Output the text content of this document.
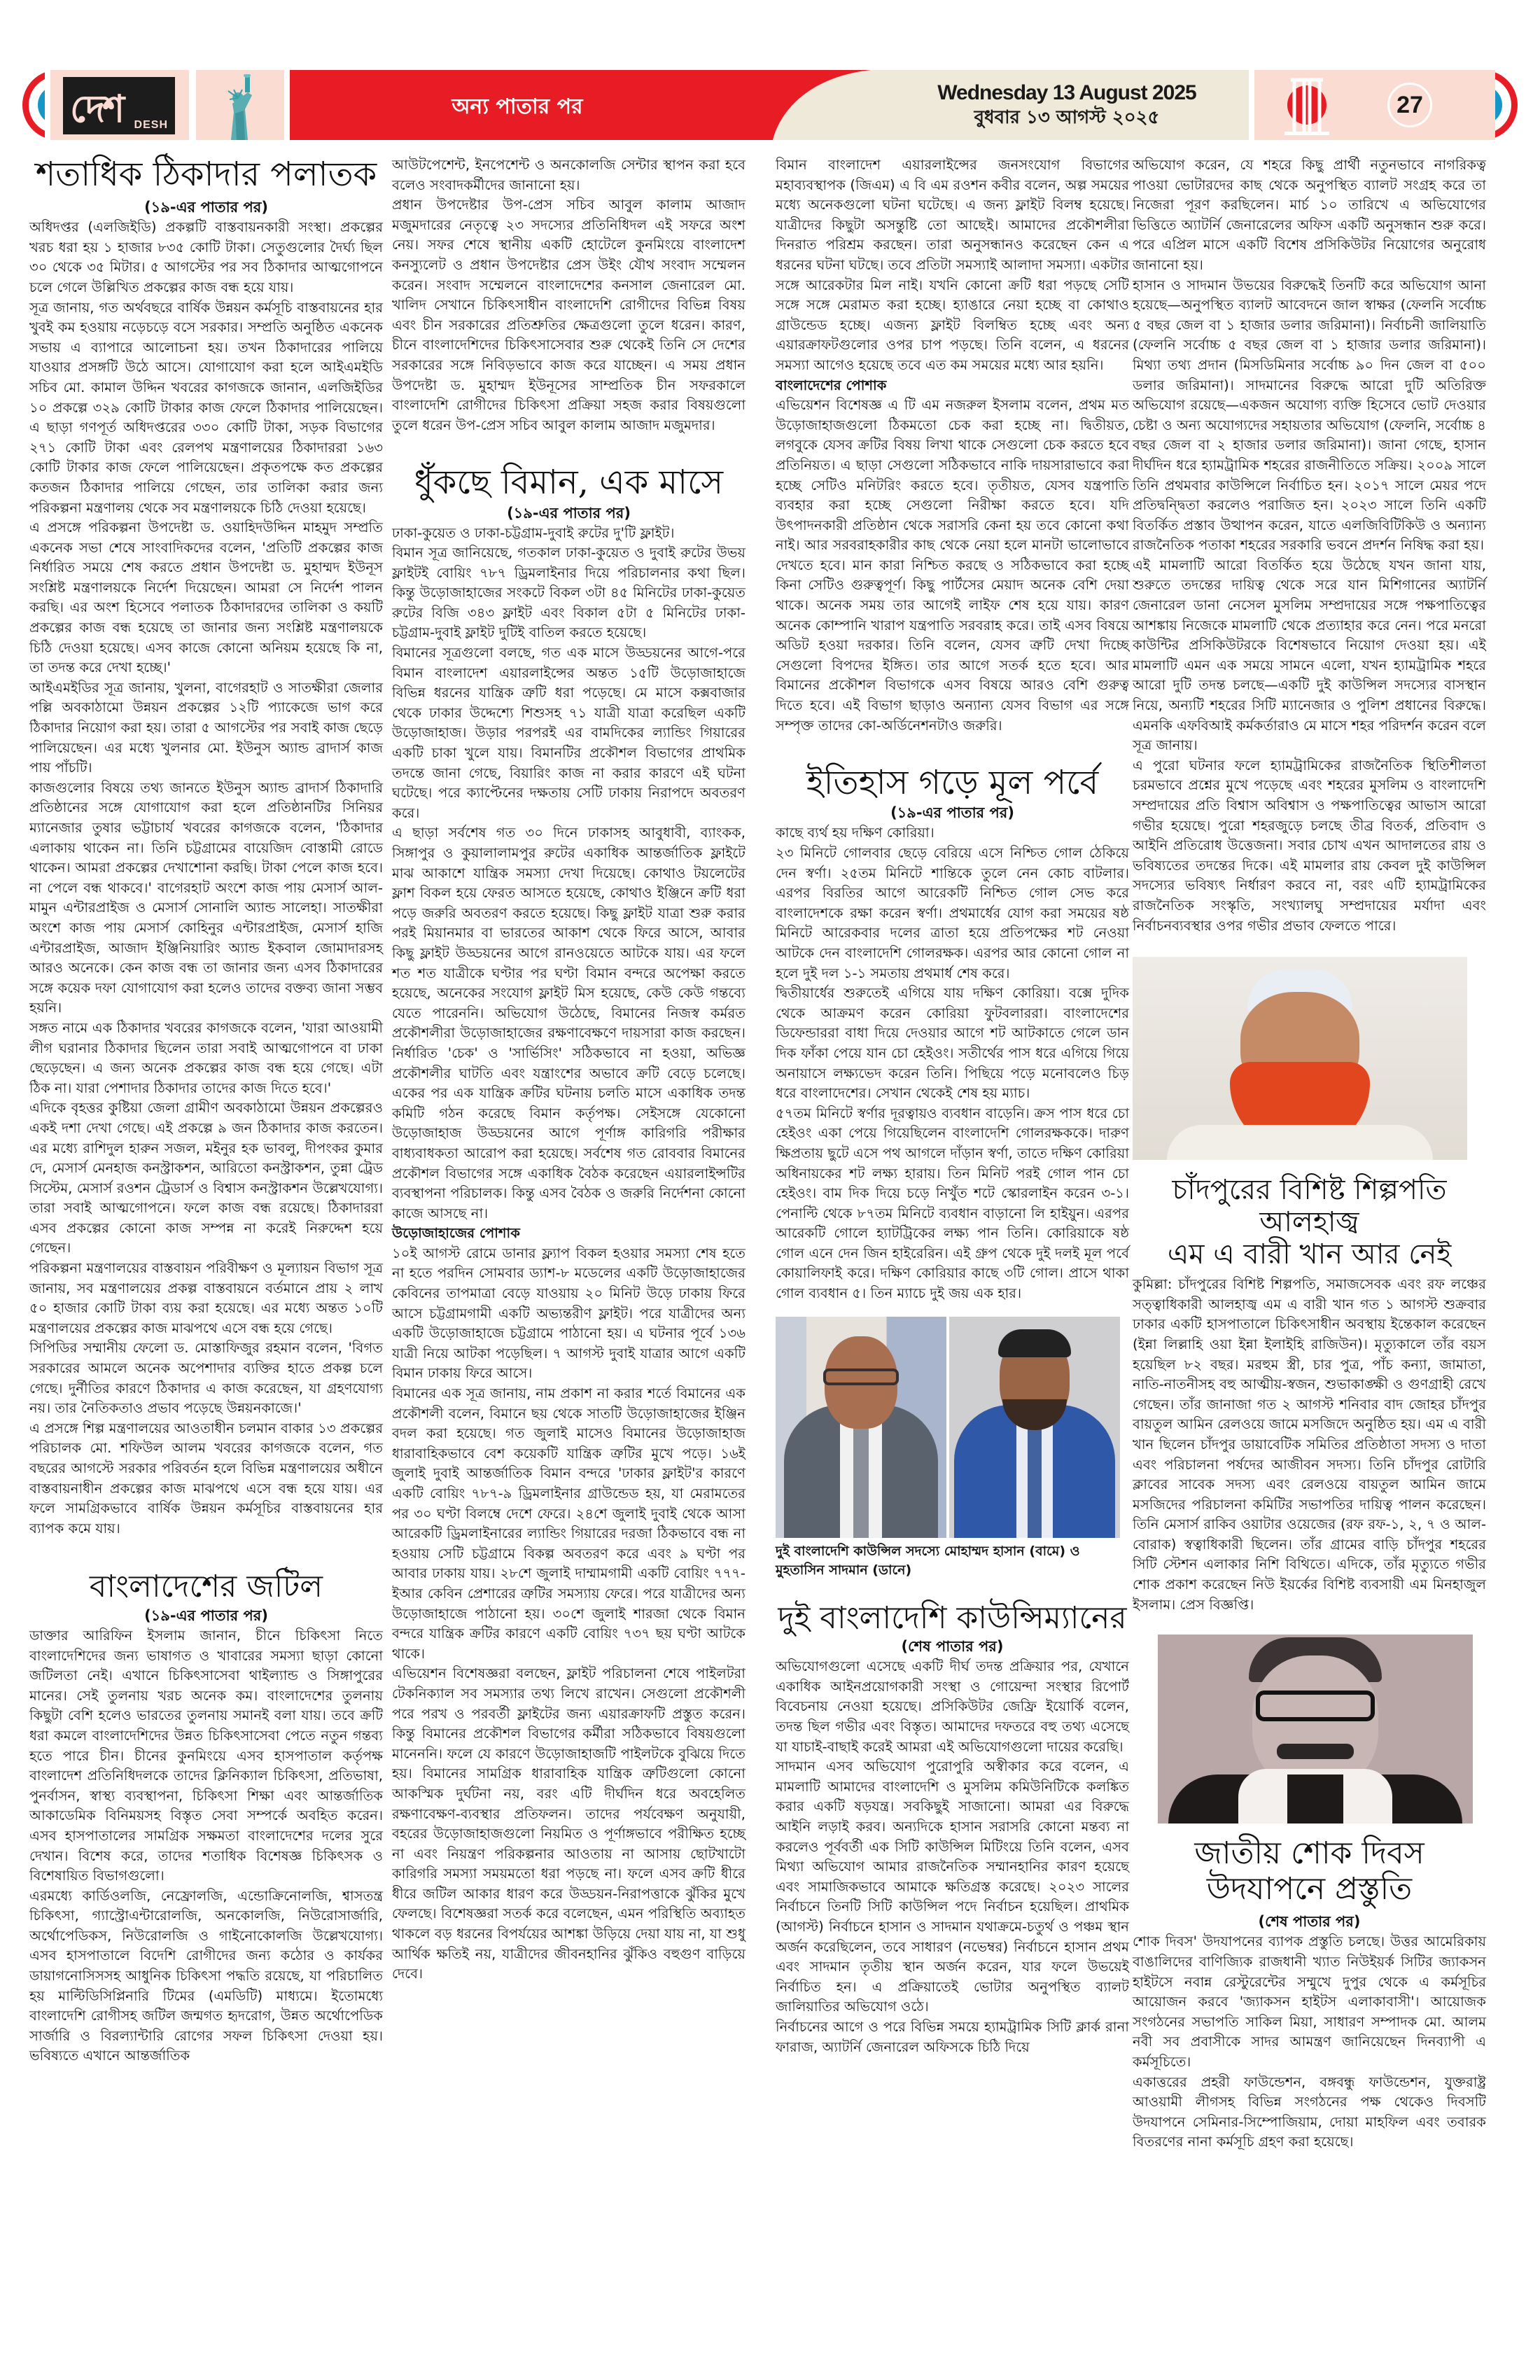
দেশ DESH
অন্য পাতার পর
Wednesday 13 August 2025
বুধবার ১৩ আগস্ট ২০২৫	27
শতাধিক ঠিকাদার পলাতক
(১৯-এর পাতার পর)

অধিদপ্তর (এলজিইডি) প্রকল্পটি বাস্তবায়নকারী সংস্থা। প্রকল্পের খরচ ধরা হয় ১ হাজার ৮৩৫ কোটি টাকা। সেতুগুলোর দৈর্ঘ্য ছিল ৩০ থেকে ৩৫ মিটার। ৫ আগস্টের পর সব ঠিকাদার আত্মগোপনে চলে গেলে উল্লিখিত প্রকল্পের কাজ বন্ধ হয়ে যায়।

সূত্র জানায়, গত অর্থবছরে বার্ষিক উন্নয়ন কর্মসূচি বাস্তবায়নের হার খুবই কম হওয়ায় নড়েচড়ে বসে সরকার। সম্প্রতি অনুষ্ঠিত একনেক সভায় এ ব্যাপারে আলোচনা হয়। তখন ঠিকাদারের পালিয়ে যাওয়ার প্রসঙ্গটি উঠে আসে। যোগাযোগ করা হলে আইএমইডি সচিব মো. কামাল উদ্দিন খবরের কাগজকে জানান, এলজিইডির ১০ প্রকল্পে ৩২৯ কোটি টাকার কাজ ফেলে ঠিকাদার পালিয়েছেন। এ ছাড়া গণপূর্ত অধিদপ্তরের ৩৩০ কোটি টাকা, সড়ক বিভাগের ২৭১ কোটি টাকা এবং রেলপথ মন্ত্রণালয়ের ঠিকাদাররা ১৬৩ কোটি টাকার কাজ ফেলে পালিয়েছেন। প্রকৃতপক্ষে কত প্রকল্পের কতজন ঠিকাদার পালিয়ে গেছেন, তার তালিকা করার জন্য পরিকল্পনা মন্ত্রণালয় থেকে সব মন্ত্রণালয়কে চিঠি দেওয়া হয়েছে।

এ প্রসঙ্গে পরিকল্পনা উপদেষ্টা ড. ওয়াহিদউদ্দিন মাহমুদ সম্প্রতি একনেক সভা শেষে সাংবাদিকদের বলেন, 'প্রতিটি প্রকল্পের কাজ নির্ধারিত সময়ে শেষ করতে প্রধান উপদেষ্টা ড. মুহাম্মদ ইউনূস সংশ্লিষ্ট মন্ত্রণালয়কে নির্দেশ দিয়েছেন। আমরা সে নির্দেশ পালন করছি। এর অংশ হিসেবে পলাতক ঠিকাদারদের তালিকা ও কয়টি প্রকল্পের কাজ বন্ধ হয়েছে তা জানার জন্য সংশ্লিষ্ট মন্ত্রণালয়কে চিঠি দেওয়া হয়েছে। এসব কাজে কোনো অনিয়ম হয়েছে কি না, তা তদন্ত করে দেখা হচ্ছে।'

আইএমইডির সূত্র জানায়, খুলনা, বাগেরহাট ও সাতক্ষীরা জেলার পল্লি অবকাঠামো উন্নয়ন প্রকল্পের ১২টি প্যাকেজে ভাগ করে ঠিকাদার নিয়োগ করা হয়। তারা ৫ আগস্টের পর সবাই কাজ ছেড়ে পালিয়েছেন। এর মধ্যে খুলনার মো. ইউনুস অ্যান্ড ব্রাদার্স কাজ পায় পাঁচটি।

কাজগুলোর বিষয়ে তথ্য জানতে ইউনুস অ্যান্ড ব্রাদার্স ঠিকাদারি প্রতিষ্ঠানের সঙ্গে যোগাযোগ করা হলে প্রতিষ্ঠানটির সিনিয়র ম্যানেজার তুষার ভট্টাচার্য খবরের কাগজকে বলেন, 'ঠিকাদার এলাকায় থাকেন না। তিনি চট্টগ্রামের বায়েজিদ বোস্তামী রোডে থাকেন। আমরা প্রকল্পের দেখাশোনা করছি। টাকা পেলে কাজ হবে। না পেলে বন্ধ থাকবে।' বাগেরহাট অংশে কাজ পায় মেসার্স আল-মামুন এন্টারপ্রাইজ ও মেসার্স সোনালি অ্যান্ড সালেহা। সাতক্ষীরা অংশে কাজ পায় মেসার্স কোহিনুর এন্টারপ্রাইজ, মেসার্স হাজি এন্টারপ্রাইজ, আজাদ ইঞ্জিনিয়ারিং অ্যান্ড ইকবাল জোমাদারসহ আরও অনেকে। কেন কাজ বন্ধ তা জানার জন্য এসব ঠিকাদারের সঙ্গে কয়েক দফা যোগাযোগ করা হলেও তাদের বক্তব্য জানা সম্ভব হয়নি।

সঙ্গত নামে এক ঠিকাদার খবরের কাগজকে বলেন, 'যারা আওয়ামী লীগ ঘরানার ঠিকাদার ছিলেন তারা সবাই আত্মগোপনে বা ঢাকা ছেড়েছেন। এ জন্য অনেক প্রকল্পের কাজ বন্ধ হয়ে গেছে। এটা ঠিক না। যারা পেশাদার ঠিকাদার তাদের কাজ দিতে হবে।'

এদিকে বৃহত্তর কুষ্টিয়া জেলা গ্রামীণ অবকাঠামো উন্নয়ন প্রকল্পেরও একই দশা দেখা গেছে। এই প্রকল্পে ৯ জন ঠিকাদার কাজ করতেন। এর মধ্যে রাশিদুল হারুন সজল, মইনুর হক ভাবলু, দীপংকর কুমার দে, মেসার্স মেনহাজ কনস্ট্রাকশন, আরিতো কনস্ট্রাকশন, তুন্না ট্রেড সিস্টেম, মেসার্স রওশন ট্রেডার্স ও বিশ্বাস কনস্ট্রাকশন উল্লেখযোগ্য। তারা সবাই আত্মগোপনে। ফলে কাজ বন্ধ রয়েছে। ঠিকাদাররা এসব প্রকল্পের কোনো কাজ সম্পন্ন না করেই নিরুদ্দেশ হয়ে গেছেন।

পরিকল্পনা মন্ত্রণালয়ের বাস্তবায়ন পরিবীক্ষণ ও মূল্যায়ন বিভাগ সূত্র জানায়, সব মন্ত্রণালয়ের প্রকল্প বাস্তবায়নে বর্তমানে প্রায় ২ লাখ ৫০ হাজার কোটি টাকা ব্যয় করা হয়েছে। এর মধ্যে অন্তত ১০টি মন্ত্রণালয়ের প্রকল্পের কাজ মাঝপথে এসে বন্ধ হয়ে গেছে।

সিপিডির সম্মানীয় ফেলো ড. মোস্তাফিজুর রহমান বলেন, 'বিগত সরকারের আমলে অনেক অপেশাদার ব্যক্তির হাতে প্রকল্প চলে গেছে। দুর্নীতির কারণে ঠিকাদার এ কাজ করেছেন, যা গ্রহণযোগ্য নয়। তার নৈতিকতাও প্রভাব পড়েছে উন্নয়নকাজে।'

এ প্রসঙ্গে শিল্প মন্ত্রণালয়ের আওতাধীন চলমান বাকার ১৩ প্রকল্পের পরিচালক মো. শফিউল আলম খবরের কাগজকে বলেন, গত বছরের আগস্টে সরকার পরিবর্তন হলে বিভিন্ন মন্ত্রণালয়ের অধীনে বাস্তবায়নাধীন প্রকল্পের কাজ মাঝপথে এসে বন্ধ হয়ে যায়। এর ফলে সামগ্রিকভাবে বার্ষিক উন্নয়ন কর্মসূচির বাস্তবায়নের হার ব্যাপক কমে যায়।

বাংলাদেশের জটিল
(১৯-এর পাতার পর)

ডাক্তার আরিফিন ইসলাম জানান, চীনে চিকিৎসা নিতে বাংলাদেশিদের জন্য ভাষাগত ও খাবারের সমস্যা ছাড়া কোনো জটিলতা নেই। এখানে চিকিৎসাসেবা থাইল্যান্ড ও সিঙ্গাপুরের মানের। সেই তুলনায় খরচ অনেক কম। বাংলাদেশের তুলনায় কিছুটা বেশি হলেও ভারতের তুলনায় সমানই বলা যায়। তবে ক্রটি ধরা কমলে বাংলাদেশিদের উন্নত চিকিৎসাসেবা পেতে নতুন গন্তব্য হতে পারে চীন। চীনের কুনমিংয়ে এসব হাসপাতাল কর্তৃপক্ষ বাংলাদেশ প্রতিনিধিদলকে তাদের ক্লিনিক্যাল চিকিৎসা, প্রতিভাষা, পুনর্বাসন, স্বাস্থ্য ব্যবস্থাপনা, চিকিৎসা শিক্ষা এবং আন্তর্জাতিক আকাডেমিক বিনিময়সহ বিস্তৃত সেবা সম্পর্কে অবহিত করেন। এসব হাসপাতালের সামগ্রিক সক্ষমতা বাংলাদেশের দলের সুরে দেখান। বিশেষ করে, তাদের শতাধিক বিশেষজ্ঞ চিকিৎসক ও বিশেষায়িত বিভাগগুলো।

এরমধ্যে কার্ডিওলজি, নেফ্রোলজি, এন্ডোক্রিনোলজি, শ্বাসতন্ত্র চিকিৎসা, গ্যাস্ট্রোএন্টারোলজি, অনকোলজি, নিউরোসার্জারি, অর্থোপেডিকস, নিউরোলজি ও গাইনোকোলজি উল্লেখযোগ্য। এসব হাসপাতালে বিদেশি রোগীদের জন্য কঠোর ও কার্যকর ডায়াগনোসিসসহ আধুনিক চিকিৎসা পদ্ধতি রয়েছে, যা পরিচালিত হয় মাল্টিডিসিপ্লিনারি টিমের (এমডিটি) মাধ্যমে। ইতোমধ্যে বাংলাদেশি রোগীসহ জটিল জন্মগত হৃদরোগ, উন্নত অর্থোপেডিক সার্জারি ও বিরল্যান্টারি রোগের সফল চিকিৎসা দেওয়া হয়। ভবিষ্যতে এখানে আন্তর্জাতিক

আউটপেশেন্ট, ইনপেশেন্ট ও অনকোলজি সেন্টার স্থাপন করা হবে বলেও সংবাদকর্মীদের জানানো হয়।

প্রধান উপদেষ্টার উপ-প্রেস সচিব আবুল কালাম আজাদ মজুমদারের নেতৃত্বে ২৩ সদস্যের প্রতিনিধিদল এই সফরে অংশ নেয়। সফর শেষে স্থানীয় একটি হোটেলে কুনমিংয়ে বাংলাদেশ কনস্যুলেট ও প্রধান উপদেষ্টার প্রেস উইং যৌথ সংবাদ সম্মেলন করেন। সংবাদ সম্মেলনে বাংলাদেশের কনসাল জেনারেল মো. খালিদ সেখানে চিকিৎসাধীন বাংলাদেশি রোগীদের বিভিন্ন বিষয় এবং চীন সরকারের প্রতিশ্রুতির ক্ষেত্রগুলো তুলে ধরেন। কারণ, চীনে বাংলাদেশিদের চিকিৎসাসেবার শুরু থেকেই তিনি সে দেশের সরকারের সঙ্গে নিবিড়ভাবে কাজ করে যাচ্ছেন। এ সময় প্রধান উপদেষ্টা ড. মুহাম্মদ ইউনূসের সাম্প্রতিক চীন সফরকালে বাংলাদেশি রোগীদের চিকিৎসা প্রক্রিয়া সহজ করার বিষয়গুলো তুলে ধরেন উপ-প্রেস সচিব আবুল কালাম আজাদ মজুমদার।

ধুঁকছে বিমান, এক মাসে
(১৯-এর পাতার পর)

ঢাকা-কুয়েত ও ঢাকা-চট্টগ্রাম-দুবাই রুটের দু'টি ফ্লাইট।

বিমান সূত্র জানিয়েছে, গতকাল ঢাকা-কুয়েত ও দুবাই রুটের উভয় ফ্লাইটই বোয়িং ৭৮৭ ড্রিমলাইনার দিয়ে পরিচালনার কথা ছিল। কিন্তু উড়োজাহাজের সংকটে বিকল ৩টা ৪৫ মিনিটের ঢাকা-কুয়েত রুটের বিজি ৩৪৩ ফ্লাইট এবং বিকাল ৫টা ৫ মিনিটের ঢাকা-চট্টগ্রাম-দুবাই ফ্লাইট দুটিই বাতিল করতে হয়েছে।

বিমানের সূত্রগুলো বলছে, গত এক মাসে উড্ডয়নের আগে-পরে বিমান বাংলাদেশ এয়ারলাইন্সের অন্তত ১৫টি উড়োজাহাজে বিভিন্ন ধরনের যান্ত্রিক ত্রুটি ধরা পড়েছে। মে মাসে কক্সবাজার থেকে ঢাকার উদ্দেশ্যে শিশুসহ ৭১ যাত্রী যাত্রা করেছিল একটি উড়োজাহাজ। উড়ার পরপরই এর বামদিকের ল্যান্ডিং গিয়ারের একটি চাকা খুলে যায়। বিমানটির প্রকৌশল বিভাগের প্রাথমিক তদন্তে জানা গেছে, বিয়ারিং কাজ না করার কারণে এই ঘটনা ঘটেছে। পরে ক্যাপ্টেনের দক্ষতায় সেটি ঢাকায় নিরাপদে অবতরণ করে।

এ ছাড়া সর্বশেষ গত ৩০ দিনে ঢাকাসহ আবুধাবী, ব্যাংকক, সিঙ্গাপুর ও কুয়ালালামপুর রুটের একাধিক আন্তর্জাতিক ফ্লাইটে মাঝ আকাশে যান্ত্রিক সমস্যা দেখা দিয়েছে। কোথাও টয়লেটের ফ্লাশ বিকল হয়ে ফেরত আসতে হয়েছে, কোথাও ইঞ্জিনে ক্রটি ধরা পড়ে জরুরি অবতরণ করতে হয়েছে। কিছু ফ্লাইট যাত্রা শুরু করার পরই মিয়ানমার বা ভারতের আকাশ থেকে ফিরে আসে, আবার কিছু ফ্লাইট উড্ডয়নের আগে রানওয়েতে আটকে যায়। এর ফলে শত শত যাত্রীকে ঘণ্টার পর ঘণ্টা বিমান বন্দরে অপেক্ষা করতে হয়েছে, অনেকের সংযোগ ফ্লাইট মিস হয়েছে, কেউ কেউ গন্তব্যে যেতে পারেননি। অভিযোগ উঠেছে, বিমানের নিজস্ব কর্মরত প্রকৌশলীরা উড়োজাহাজের রক্ষণাবেক্ষণে দায়সারা কাজ করছেন। নির্ধারিত 'চেক' ও 'সার্ভিসিং' সঠিকভাবে না হওয়া, অভিজ্ঞ প্রকৌশলীর ঘাটতি এবং যন্ত্রাংশের অভাবে ক্রটি বেড়ে চলেছে। একের পর এক যান্ত্রিক ক্রটির ঘটনায় চলতি মাসে একাধিক তদন্ত কমিটি গঠন করেছে বিমান কর্তৃপক্ষ। সেইসঙ্গে যেকোনো উড়োজাহাজ উড্ডয়নের আগে পূর্ণাঙ্গ কারিগরি পরীক্ষার বাধ্যবাধকতা আরোপ করা হয়েছে। সর্বশেষ গত রোববার বিমানের প্রকৌশল বিভাগের সঙ্গে একাধিক বৈঠক করেছেন এয়ারলাইন্সটির ব্যবস্থাপনা পরিচালক। কিন্তু এসব বৈঠক ও জরুরি নির্দেশনা কোনো কাজে আসছে না।

উড়োজাহাজের পোশাক

১০ই আগস্ট রোমে ডানার ফ্ল্যাপ বিকল হওয়ার সমস্যা শেষ হতে না হতে পরদিন সোমবার ড্যাশ-৮ মডেলের একটি উড়োজাহাজের কেবিনের তাপমাত্রা বেড়ে যাওয়ায় ২০ মিনিট উড়ে ঢাকায় ফিরে আসে চট্টগ্রামগামী একটি অভ্যন্তরীণ ফ্লাইট। পরে যাত্রীদের অন্য একটি উড়োজাহাজে চট্টগ্রামে পাঠানো হয়। এ ঘটনার পূর্বে ১৩৬ যাত্রী নিয়ে আটকা পড়েছিল। ৭ আগস্ট দুবাই যাত্রার আগে একটি বিমান ঢাকায় ফিরে আসে।

বিমানের এক সূত্র জানায়, নাম প্রকাশ না করার শর্তে বিমানের এক প্রকৌশলী বলেন, বিমানে ছয় থেকে সাতটি উড়োজাহাজের ইঞ্জিন বদল করা হয়েছে। গত জুলাই মাসেও বিমানের উড়োজাহাজ ধারাবাহিকভাবে বেশ কয়েকটি যান্ত্রিক ত্রুটির মুখে পড়ে। ১৬ই জুলাই দুবাই আন্তর্জাতিক বিমান বন্দরে 'ঢাকার ফ্লাইট'র কারণে একটি বোয়িং ৭৮৭-৯ ড্রিমলাইনার গ্রাউন্ডেড হয়, যা মেরামতের পর ৩০ ঘণ্টা বিলম্বে দেশে ফেরে। ২৪শে জুলাই দুবাই থেকে আসা আরেকটি ড্রিমলাইনারের ল্যান্ডিং গিয়ারের দরজা ঠিকভাবে বন্ধ না হওয়ায় সেটি চট্টগ্রামে বিকল্প অবতরণ করে এবং ৯ ঘণ্টা পর আবার ঢাকায় যায়। ২৮শে জুলাই দাম্মামগামী একটি বোয়িং ৭৭৭-ইআর কেবিন প্রেশারের ত্রুটির সমস্যায় ফেরে। পরে যাত্রীদের অন্য উড়োজাহাজে পাঠানো হয়। ৩০শে জুলাই শারজা থেকে বিমান বন্দরে যান্ত্রিক ক্রটির কারণে একটি বোয়িং ৭৩৭ ছয় ঘণ্টা আটকে থাকে।

এভিয়েশন বিশেষজ্ঞরা বলছেন, ফ্লাইট পরিচালনা শেষে পাইলটরা টেকনিক্যাল সব সমস্যার তথ্য লিখে রাখেন। সেগুলো প্রকৌশলী পরে পরখ ও পরবর্তী ফ্লাইটের জন্য এয়ারক্রাফটি প্রস্তুত করেন। কিন্তু বিমানের প্রকৌশল বিভাগের কর্মীরা সঠিকভাবে বিষয়গুলো মানেননি। ফলে যে কারণে উড়োজাহাজটি পাইলটকে বুঝিয়ে দিতে হয়। বিমানের সামগ্রিক ধারাবাহিক যান্ত্রিক ত্রুটিগুলো কোনো আকস্মিক দুর্ঘটনা নয়, বরং এটি দীর্ঘদিন ধরে অবহেলিত রক্ষণাবেক্ষণ-ব্যবস্থার প্রতিফলন। তাদের পর্যবেক্ষণ অনুযায়ী, বহরের উড়োজাহাজগুলো নিয়মিত ও পূর্ণাঙ্গভাবে পরীক্ষিত হচ্ছে না এবং নিয়ন্ত্রণ পরিকল্পনার আওতায় না আসায় ছোটখাটো কারিগরি সমস্যা সময়মতো ধরা পড়ছে না। ফলে এসব ক্রটি ধীরে ধীরে জটিল আকার ধারণ করে উড্ডয়ন-নিরাপত্তাকে ঝুঁকির মুখে ফেলছে। বিশেষজ্ঞরা সতর্ক করে বলেছেন, এমন পরিস্থিতি অব্যাহত থাকলে বড় ধরনের বিপর্যয়ের আশঙ্কা উড়িয়ে দেয়া যায় না, যা শুধু আর্থিক ক্ষতিই নয়, যাত্রীদের জীবনহানির ঝুঁকিও বহুগুণ বাড়িয়ে দেবে।

বিমান বাংলাদেশ এয়ারলাইন্সের জনসংযোগ বিভাগের মহাব্যবস্থাপক (জিএম) এ বি এম রওশন কবীর বলেন, অল্প সময়ের মধ্যে অনেকগুলো ঘটনা ঘটেছে। এ জন্য ফ্লাইট বিলম্ব হয়েছে। যাত্রীদের কিছুটা অসন্তুষ্টি তো আছেই। আমাদের প্রকৌশলীরা দিনরাত পরিশ্রম করছেন। তারা অনুসন্ধানও করেছেন কেন এ ধরনের ঘটনা ঘটছে। তবে প্রতিটা সমস্যাই আলাদা সমস্যা। একটার সঙ্গে আরেকটার মিল নাই। যখনি কোনো ক্রটি ধরা পড়ছে সেটি সঙ্গে সঙ্গে মেরামত করা হচ্ছে। হ্যাঙারে নেয়া হচ্ছে বা কোথাও গ্রাউন্ডেড হচ্ছে। এজন্য ফ্লাইট বিলম্বিত হচ্ছে এবং অন্য এয়ারক্রাফটগুলোর ওপর চাপ পড়ছে। তিনি বলেন, এ ধরনের সমস্যা আগেও হয়েছে তবে এত কম সময়ের মধ্যে আর হয়নি।

বাংলাদেশের পোশাক

এভিয়েশন বিশেষজ্ঞ এ টি এম নজরুল ইসলাম বলেন, প্রথম মত উড়োজাহাজগুলো ঠিকমতো চেক করা হচ্ছে না। দ্বিতীয়ত, লগবুকে যেসব ক্রটির বিষয় লিখা থাকে সেগুলো চেক করতে হবে প্রতিনিয়ত। এ ছাড়া সেগুলো সঠিকভাবে নাকি দায়সারাভাবে করা হচ্ছে সেটিও মনিটরিং করতে হবে। তৃতীয়ত, যেসব যন্ত্রপাতি ব্যবহার করা হচ্ছে সেগুলো নিরীক্ষা করতে হবে। যদি উৎপাদনকারী প্রতিষ্ঠান থেকে সরাসরি কেনা হয় তবে কোনো কথা নাই। আর সরবরাহকারীর কাছ থেকে নেয়া হলে মানটা ভালোভাবে দেখতে হবে। মান কারা নিশ্চিত করছে ও সঠিকভাবে করা হচ্ছে কিনা সেটিও গুরুত্বপূর্ণ। কিছু পার্টসের মেয়াদ অনেক বেশি দেয়া থাকে। অনেক সময় তার আগেই লাইফ শেষ হয়ে যায়। কারণ অনেক কোম্পানি খারাপ যন্ত্রপাতি সরবরাহ করে। তাই এসব বিষয়ে অডিট হওয়া দরকার। তিনি বলেন, যেসব ত্রুটি দেখা দিচ্ছে সেগুলো বিপদের ইঙ্গিত। তার আগে সতর্ক হতে হবে। আর বিমানের প্রকৌশল বিভাগকে এসব বিষয়ে আরও বেশি গুরুত্ব দিতে হবে। এই বিভাগ ছাড়াও অন্যান্য যেসব বিভাগ এর সঙ্গে সম্পৃক্ত তাদের কো-অর্ডিনেশনটাও জরুরি।

ইতিহাস গড়ে মূল পর্বে
(১৯-এর পাতার পর)

কাছে ব্যর্থ হয় দক্ষিণ কোরিয়া।

২৩ মিনিটে গোলবার ছেড়ে বেরিয়ে এসে নিশ্চিত গোল ঠেকিয়ে দেন স্বর্ণা। ২৫তম মিনিটে শান্তিকে তুলে নেন কোচ বাটলার। এরপর বিরতির আগে আরেকটি নিশ্চিত গোল সেভ করে বাংলাদেশকে রক্ষা করেন স্বর্ণা। প্রথমার্ধের যোগ করা সময়ের ষষ্ঠ মিনিটে আরেকবার দলের ত্রাতা হয়ে প্রতিপক্ষের শট নেওয়া আটকে দেন বাংলাদেশি গোলরক্ষক। এরপর আর কোনো গোল না হলে দুই দল ১-১ সমতায় প্রথমার্ধ শেষ করে।

দ্বিতীয়ার্ধের শুরুতেই এগিয়ে যায় দক্ষিণ কোরিয়া। বক্সে দুদিক থেকে আক্রমণ করেন কোরিয়া ফুটবলাররা। বাংলাদেশের ডিফেন্ডাররা বাধা দিয়ে দেওয়ার আগে শট আটকাতে গেলে ডান দিক ফাঁকা পেয়ে যান চো হেইওং। সতীর্থের পাস ধরে এগিয়ে গিয়ে অনায়াসে লক্ষ্যভেদ করেন তিনি। পিছিয়ে পড়ে মনোবলেও চিড় ধরে বাংলাদেশের। সেখান থেকেই শেষ হয় ম্যাচ।

৫৭তম মিনিটে স্বর্ণার দূরত্বায়ও ব্যবধান বাড়েনি। ক্রস পাস ধরে চো হেইওং একা পেয়ে গিয়েছিলেন বাংলাদেশি গোলরক্ষককে। দারুণ ক্ষিপ্রতায় ছুটে এসে পথ আগলে দাঁড়ান স্বর্ণা, তাতে দক্ষিণ কোরিয়া অধিনায়কের শট লক্ষ্য হারায়। তিন মিনিট পরই গোল পান চো হেইওং। বাম দিক দিয়ে চড়ে নিখুঁত শটে স্কোরলাইন করেন ৩-১। পেনাল্টি থেকে ৮৭তম মিনিটে ব্যবধান বাড়ানো লি হাইয়ুন। এরপর আরেকটি গোলে হ্যাটট্রিকের লক্ষ্য পান তিনি। কোরিয়াকে ষষ্ঠ গোল এনে দেন জিন হাইরেরিন। এই গ্রুপ থেকে দুই দলই মূল পর্বে কোয়ালিফাই করে। দক্ষিণ কোরিয়ার কাছে ৩টি গোল। প্রাসে থাকা গোল ব্যবধান ৫। তিন ম্যাচে দুই জয় এক হার।

দুই বাংলাদেশি কাউন্সিল সদস্যে মোহাম্মদ হাসান (বামে) ও মুহতাসিন সাদমান (ডানে)
দুই বাংলাদেশি কাউন্সিম্যানের
(শেষ পাতার পর)

অভিযোগগুলো এসেছে একটি দীর্ঘ তদন্ত প্রক্রিয়ার পর, যেখানে একাধিক আইনপ্রয়োগকারী সংস্থা ও গোয়েন্দা সংস্থার রিপোর্ট বিবেচনায় নেওয়া হয়েছে। প্রসিকিউটর জেফ্রি ইয়োর্কি বলেন, তদন্ত ছিল গভীর এবং বিস্তৃত। আমাদের দফতরে বহু তথ্য এসেছে যা যাচাই-বাছাই করেই আমরা এই অভিযোগগুলো দায়ের করেছি।

সাদমান এসব অভিযোগ পুরোপুরি অস্বীকার করে বলেন, এ মামলাটি আমাদের বাংলাদেশি ও মুসলিম কমিউনিটিকে কলঙ্কিত করার একটি ষড়যন্ত্র। সবকিছুই সাজানো। আমরা এর বিরুদ্ধে আইনি লড়াই করব। অন্যদিকে হাসান সরাসরি কোনো মন্তব্য না করলেও পূর্ববর্তী এক সিটি কাউন্সিল মিটিংয়ে তিনি বলেন, এসব মিথ্যা অভিযোগ আমার রাজনৈতিক সম্মানহানির কারণ হয়েছে এবং সামাজিকভাবে আমাকে ক্ষতিগ্রস্ত করেছে। ২০২৩ সালের নির্বাচনে তিনটি সিটি কাউন্সিল পদে নির্বাচন হয়েছিল। প্রাথমিক (আগস্ট) নির্বাচনে হাসান ও সাদমান যথাক্রমে-চতুর্থ ও পঞ্চম স্থান অর্জন করেছিলেন, তবে সাধারণ (নভেম্বর) নির্বাচনে হাসান প্রথম এবং সাদমান তৃতীয় স্থান অর্জন করেন, যার ফলে উভয়েই নির্বাচিত হন। এ প্রক্রিয়াতেই ভোটার অনুপস্থিত ব্যালট জালিয়াতির অভিযোগ ওঠে।

নির্বাচনের আগে ও পরে বিভিন্ন সময়ে হ্যামট্রামিক সিটি ক্লার্ক রানা ফারাজ, অ্যাটর্নি জেনারেল অফিসকে চিঠি দিয়ে

অভিযোগ করেন, যে শহরে কিছু প্রার্থী নতুনভাবে নাগরিকত্ব পাওয়া ভোটারদের কাছ থেকে অনুপস্থিত ব্যালট সংগ্রহ করে তা নিজেরা পূরণ করছিলেন। মার্চ ১০ তারিখে এ অভিযোগের ভিত্তিতে অ্যাটর্নি জেনারেলের অফিস একটি অনুসন্ধান শুরু করে। পরে এপ্রিল মাসে একটি বিশেষ প্রসিকিউটর নিয়োগের অনুরোধ জানানো হয়।

হাসান ও সাদমান উভয়ের বিরুদ্ধেই তিনটি করে অভিযোগ আনা হয়েছে—অনুপস্থিত ব্যালট আবেদনে জাল স্বাক্ষর (ফেলনি সর্বোচ্চ ৫ বছর জেল বা ১ হাজার ডলার জরিমানা)। নির্বাচনী জালিয়াতি (ফেলনি সর্বোচ্চ ৫ বছর জেল বা ১ হাজার ডলার জরিমানা)। মিথ্যা তথ্য প্রদান (মিসডিমিনার সর্বোচ্চ ৯০ দিন জেল বা ৫০০ ডলার জরিমানা)। সাদমানের বিরুদ্ধে আরো দুটি অতিরিক্ত অভিযোগ রয়েছে—একজন অযোগ্য ব্যক্তি হিসেবে ভোট দেওয়ার চেষ্টা ও অন্য অযোগ্যদের সহায়তার অভিযোগ (ফেলনি, সর্বোচ্চ ৪ বছর জেল বা ২ হাজার ডলার জরিমানা)। জানা গেছে, হাসান দীর্ঘদিন ধরে হ্যামট্রামিক শহরের রাজনীতিতে সক্রিয়। ২০০৯ সালে তিনি প্রথমবার কাউন্সিলে নির্বাচিত হন। ২০১৭ সালে মেয়র পদে প্রতিদ্বন্দ্বিতা করলেও পরাজিত হন। ২০২৩ সালে তিনি একটি বিতর্কিত প্রস্তাব উত্থাপন করেন, যাতে এলজিবিটিকিউ ও অন্যান্য রাজনৈতিক পতাকা শহরের সরকারি ভবনে প্রদর্শন নিষিদ্ধ করা হয়।

এই মামলাটি আরো বিতর্কিত হয়ে উঠেছে যখন জানা যায়, শুরুতে তদন্তের দায়িত্ব থেকে সরে যান মিশিগানের অ্যাটর্নি জেনারেল ডানা নেসেল মুসলিম সম্প্রদায়ের সঙ্গে পক্ষপাতিত্বের আশঙ্কায় নিজেকে মামলাটি থেকে প্রত্যাহার করে নেন। পরে মনরো কাউন্টির প্রসিকিউটরকে বিশেষভাবে নিয়োগ দেওয়া হয়। এই মামলাটি এমন এক সময়ে সামনে এলো, যখন হ্যামট্রামিক শহরে আরো দুটি তদন্ত চলছে—একটি দুই কাউন্সিল সদস্যের বাসস্থান নিয়ে, অন্যটি শহরের সিটি ম্যানেজার ও পুলিশ প্রধানের বিরুদ্ধে। এমনকি এফবিআই কর্মকর্তারাও মে মাসে শহর পরিদর্শন করেন বলে সূত্র জানায়।

এ পুরো ঘটনার ফলে হ্যামট্রামিকের রাজনৈতিক স্থিতিশীলতা চরমভাবে প্রশ্নের মুখে পড়েছে এবং শহরের মুসলিম ও বাংলাদেশি সম্প্রদায়ের প্রতি বিশ্বাস অবিশ্বাস ও পক্ষপাতিত্বের আভাস আরো গভীর হয়েছে। পুরো শহরজুড়ে চলছে তীব্র বিতর্ক, প্রতিবাদ ও আইনি প্রতিরোধ উত্তেজনা। সবার চোখ এখন আদালতের রায় ও ভবিষ্যতের তদন্তের দিকে। এই মামলার রায় কেবল দুই কাউন্সিল সদস্যের ভবিষ্যৎ নির্ধারণ করবে না, বরং এটি হ্যামট্রামিকের রাজনৈতিক সংস্কৃতি, সংখ্যালঘু সম্প্রদায়ের মর্যাদা এবং নির্বাচনব্যবস্থার ওপর গভীর প্রভাব ফেলতে পারে।

চাঁদপুরের বিশিষ্ট শিল্পপতি আলহাজ্ব
এম এ বারী খান আর নেই

কুমিল্লা: চাঁদপুরের বিশিষ্ট শিল্পপতি, সমাজসেবক এবং রফ লঞ্চের সত্ত্বাধিকারী আলহাজ্ব এম এ বারী খান গত ১ আগস্ট শুক্রবার ঢাকার একটি হাসপাতালে চিকিৎসাধীন অবস্থায় ইন্তেকাল করেছেন (ইন্না লিল্লাহি ওয়া ইন্না ইলাইহি রাজিউন)। মৃত্যুকালে তাঁর বয়স হয়েছিল ৮২ বছর। মরহুম স্ত্রী, চার পুত্র, পাঁচ কন্যা, জামাতা, নাতি-নাতনীসহ বহু আত্মীয়-স্বজন, শুভাকাঙ্ক্ষী ও গুণগ্রাহী রেখে গেছেন। তাঁর জানাজা গত ২ আগস্ট শনিবার বাদ জোহর চাঁদপুর বায়তুল আমিন রেলওয়ে জামে মসজিদে অনুষ্ঠিত হয়। এম এ বারী খান ছিলেন চাঁদপুর ডায়াবেটিক সমিতির প্রতিষ্ঠাতা সদস্য ও দাতা এবং পরিচালনা পর্ষদের আজীবন সদস্য। তিনি চাঁদপুর রোটারি ক্লাবের সাবেক সদস্য এবং রেলওয়ে বায়তুল আমিন জামে মসজিদের পরিচালনা কমিটির সভাপতির দায়িত্ব পালন করেছেন। তিনি মেসার্স রাকিব ওয়াটার ওয়েজের (রফ রফ-১, ২, ৭ ও আল-বোরাক) স্বত্বাধিকারী ছিলেন। তাঁর গ্রামের বাড়ি চাঁদপুর শহরের সিটি স্টেশন এলাকার নিশি বিথিতে। এদিকে, তাঁর মৃত্যুতে গভীর শোক প্রকাশ করেছেন নিউ ইয়র্কের বিশিষ্ট ব্যবসায়ী এম মিনহাজুল ইসলাম। প্রেস বিজ্ঞপ্তি।

জাতীয় শোক দিবস
উদযাপনে প্রস্তুতি
(শেষ পাতার পর)

শোক দিবস' উদযাপনের ব্যাপক প্রস্তুতি চলছে। উত্তর আমেরিকায় বাঙালিদের বাণিজ্যিক রাজধানী খ্যাত নিউইয়র্ক সিটির জ্যাকসন হাইটসে নবান্ন রেস্টুরেন্টের সম্মুখে দুপুর থেকে এ কর্মসূচির আয়োজন করবে 'জ্যাকসন হাইটস এলাকাবাসী'। আয়োজক সংগঠনের সভাপতি সাকিল মিয়া, সাধারণ সম্পাদক মো. আলম নবী সব প্রবাসীকে সাদর আমন্ত্রণ জানিয়েছেন দিনব্যাপী এ কর্মসূচিতে।

একাত্তরের প্রহরী ফাউন্ডেশন, বঙ্গবন্ধু ফাউন্ডেশন, যুক্তরাষ্ট্র আওয়ামী লীগসহ বিভিন্ন সংগঠনের পক্ষ থেকেও দিবসটি উদযাপনে সেমিনার-সিম্পোজিয়াম, দোয়া মাহফিল এবং তবারক বিতরণের নানা কর্মসূচি গ্রহণ করা হয়েছে।
